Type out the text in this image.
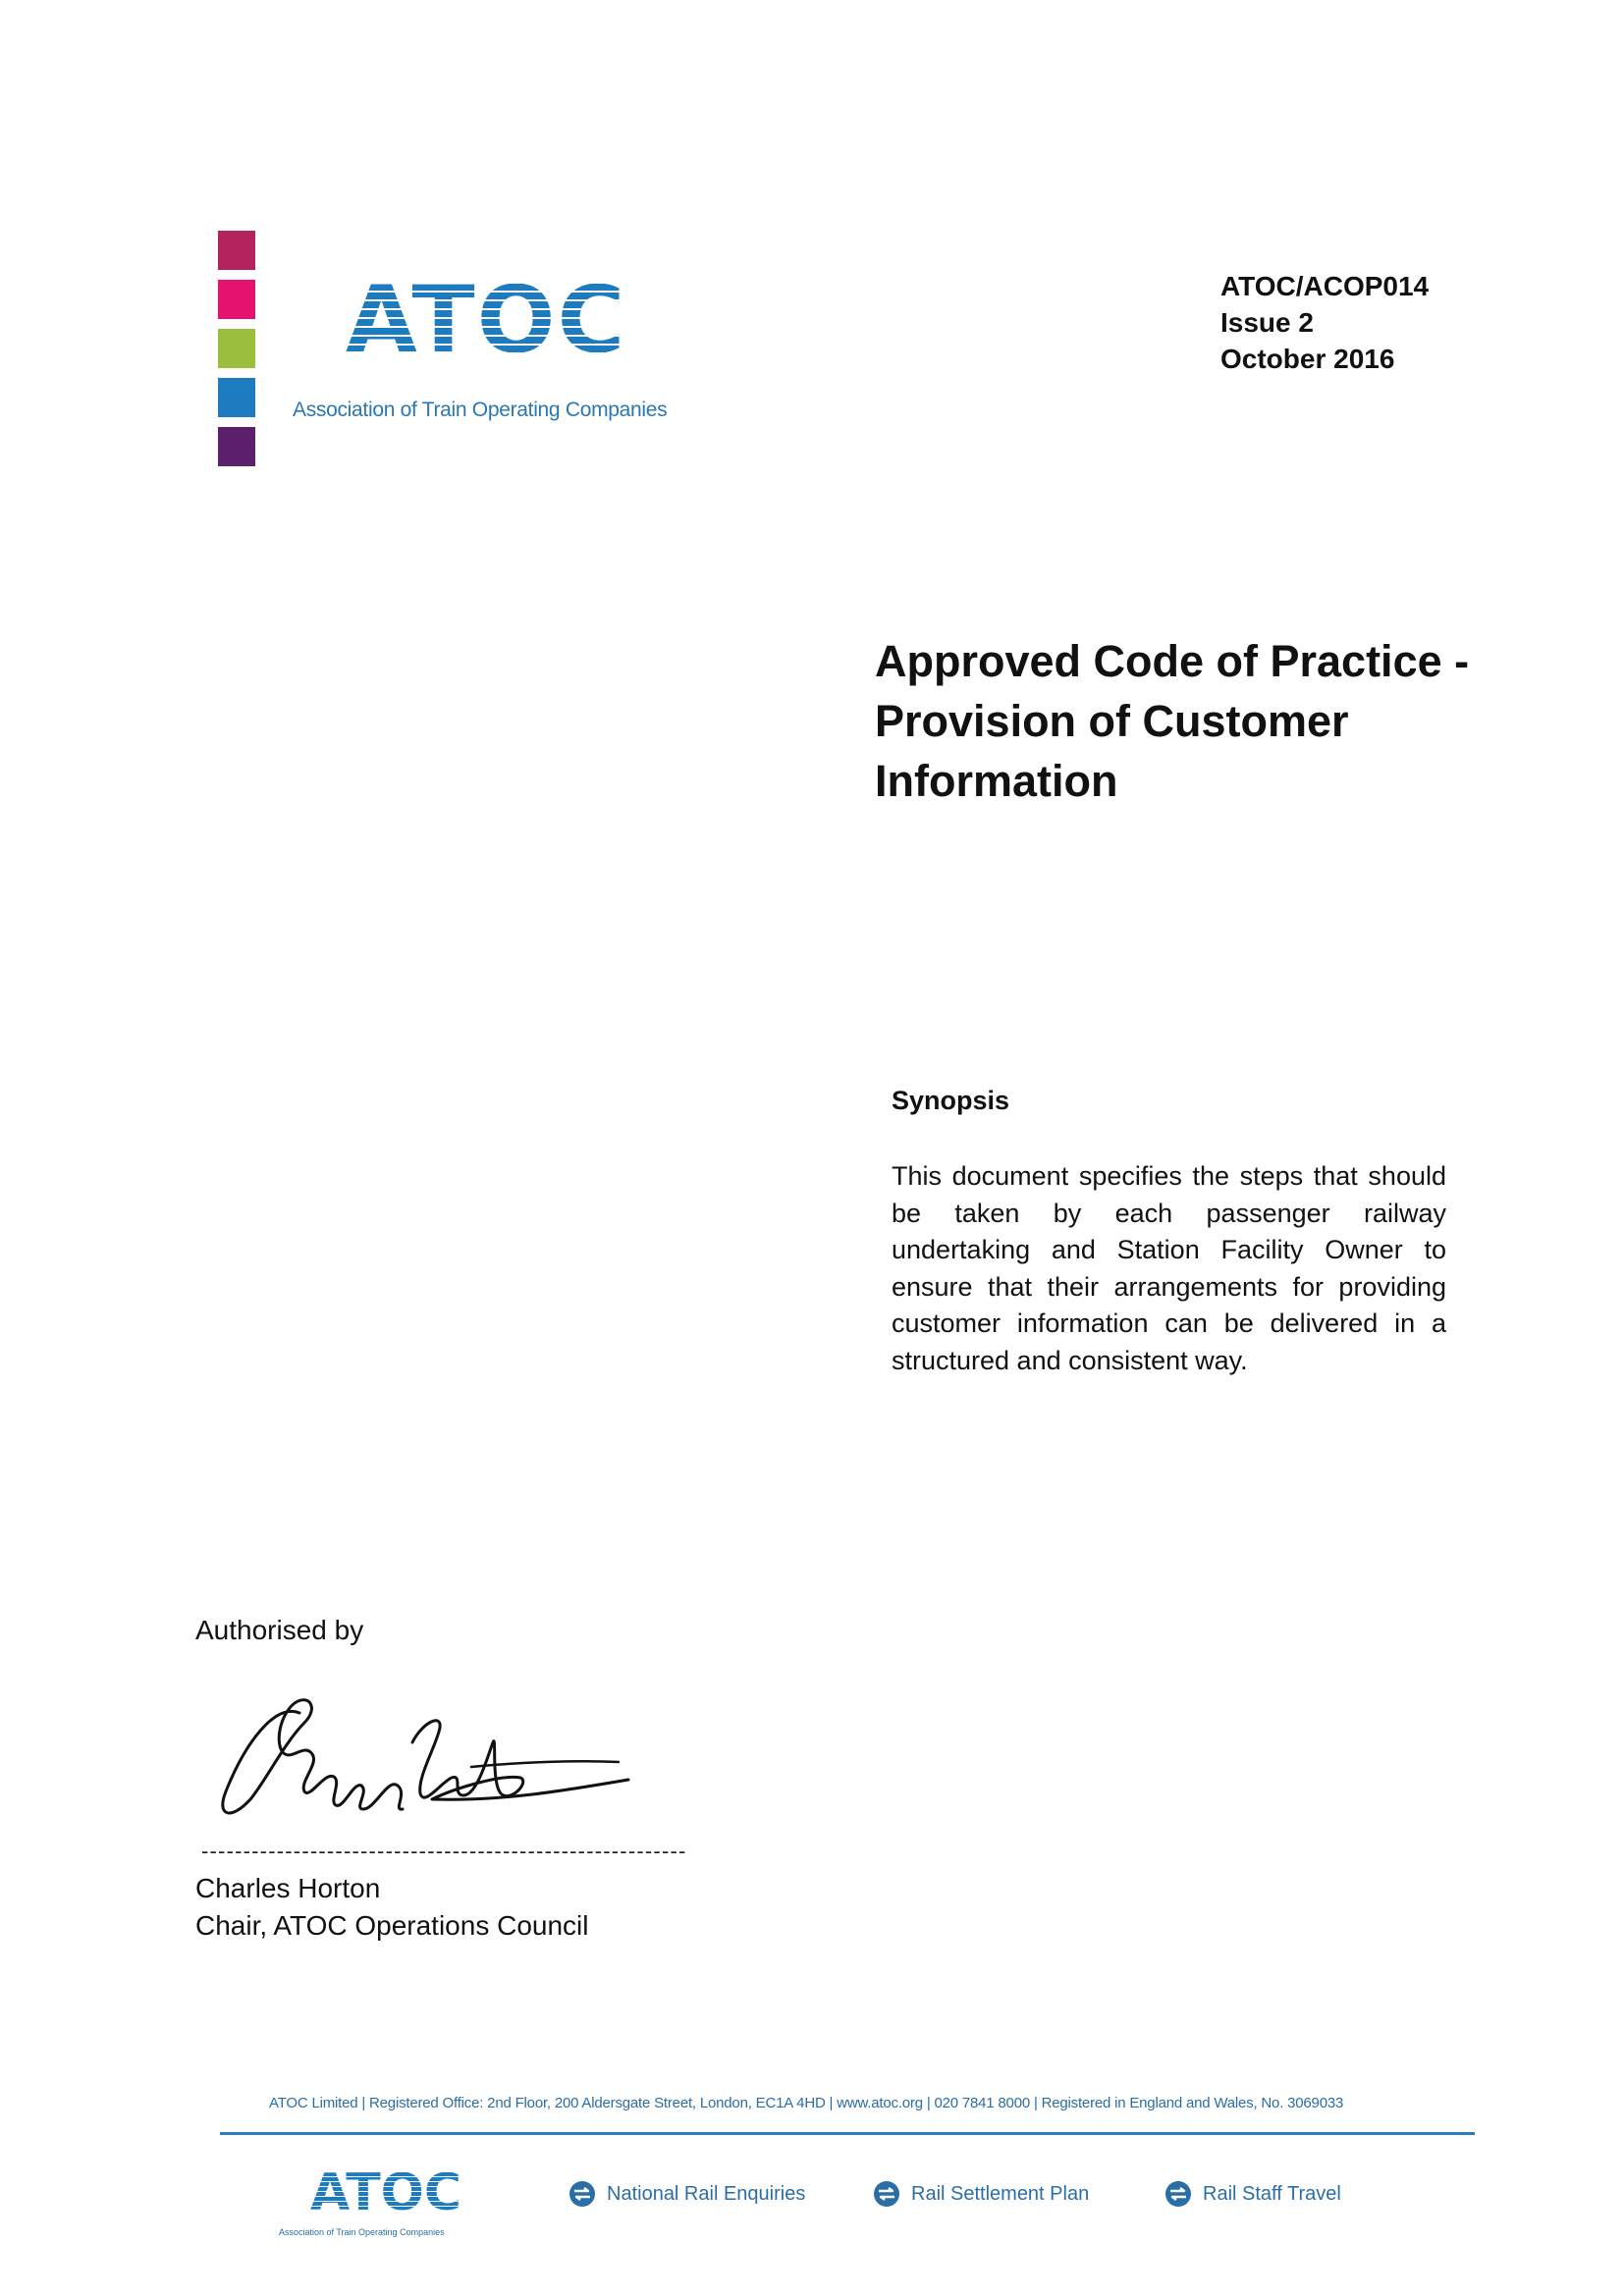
ATOC
Association of Train Operating Companies
ATOC/ACOP014
Issue 2
October 2016
Approved Code of Practice - Provision of Customer Information
Synopsis

This document specifies the steps that should be taken by each passenger railway undertaking and Station Facility Owner to ensure that their arrangements for providing customer information can be delivered in a structured and consistent way.

Authorised by
----------------------------------------------------------
Charles Horton
Chair, ATOC Operations Council
ATOC Limited | Registered Office: 2nd Floor, 200 Aldersgate Street, London, EC1A 4HD | www.atoc.org | 020 7841 8000 | Registered in England and Wales, No. 3069033
ATOC
Association of Train Operating Companies
National Rail Enquiries	Rail Settlement Plan	Rail Staff Travel
